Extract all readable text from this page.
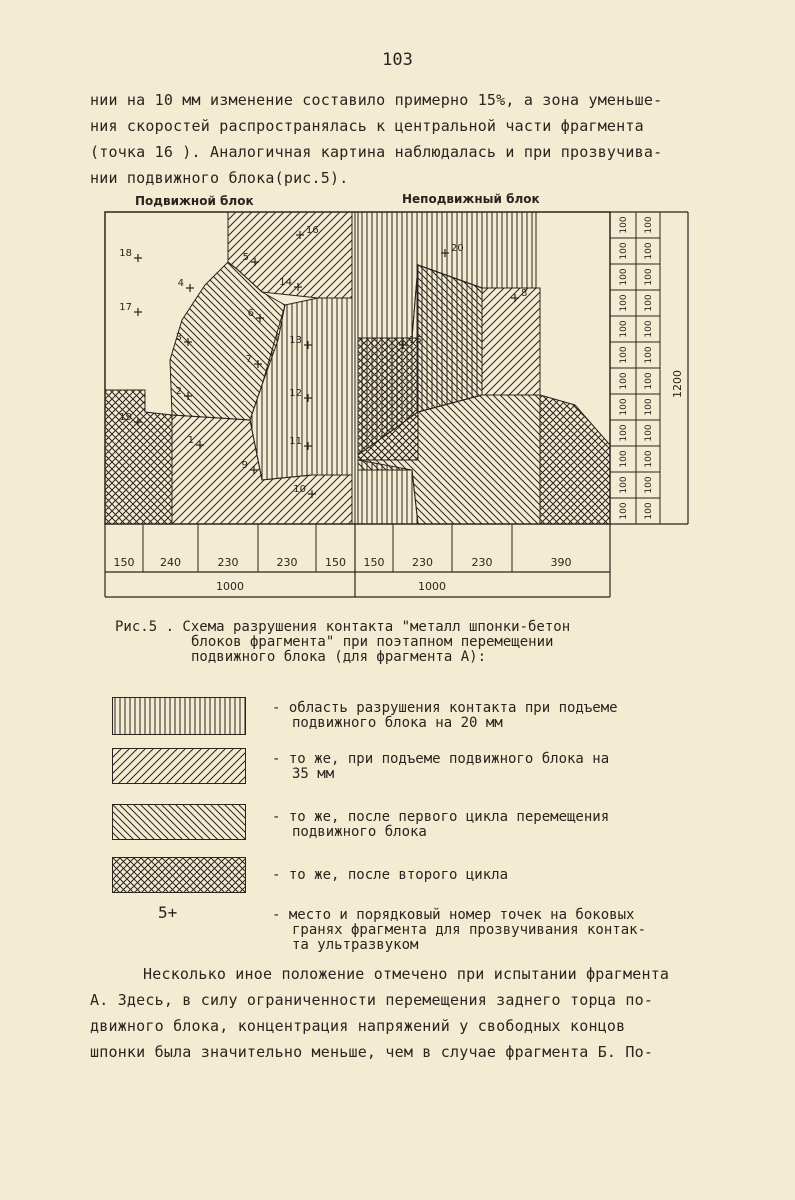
103
нии на 10 мм изменение составило примерно 15%, а зона уменьше-
ния скоростей распространялась к центральной части фрагмента
(точка 16 ). Аналогичная картина наблюдалась и при прозвучива-
нии подвижного блока(рис.5).
Подвижной блок	Неподвижный блок
100 100
100 100
100 100
100 100
100 100
100 100
100 100
100 100
100 100
100 100
100 100
100 100
1200
150 240	230	230	150 150	230	230	390
1000	1000
18
17
4
16
5
6
14
3
2
13
7
12
1	11
9
10
19
15
20
8
Рис.5 . Схема разрушения контакта "металл шпонки-бетон
блоков фрагмента" при поэтапном перемещении
подвижного блока (для фрагмента А):
- область разрушения контакта при подъеме
подвижного блока на 20 мм
- то же, при подъеме подвижного блока на
35 мм
- то же, после первого цикла перемещения
подвижного блока
- то же, после второго цикла
5+	- место и порядковый номер точек на боковых
гранях фрагмента для прозвучивания контак-
та ультразвуком
Несколько иное положение отмечено при испытании фрагмента
А. Здесь, в силу ограниченности перемещения заднего торца по-
движного блока, концентрация напряжений у свободных концов
шпонки была значительно меньше, чем в случае фрагмента Б. По-
